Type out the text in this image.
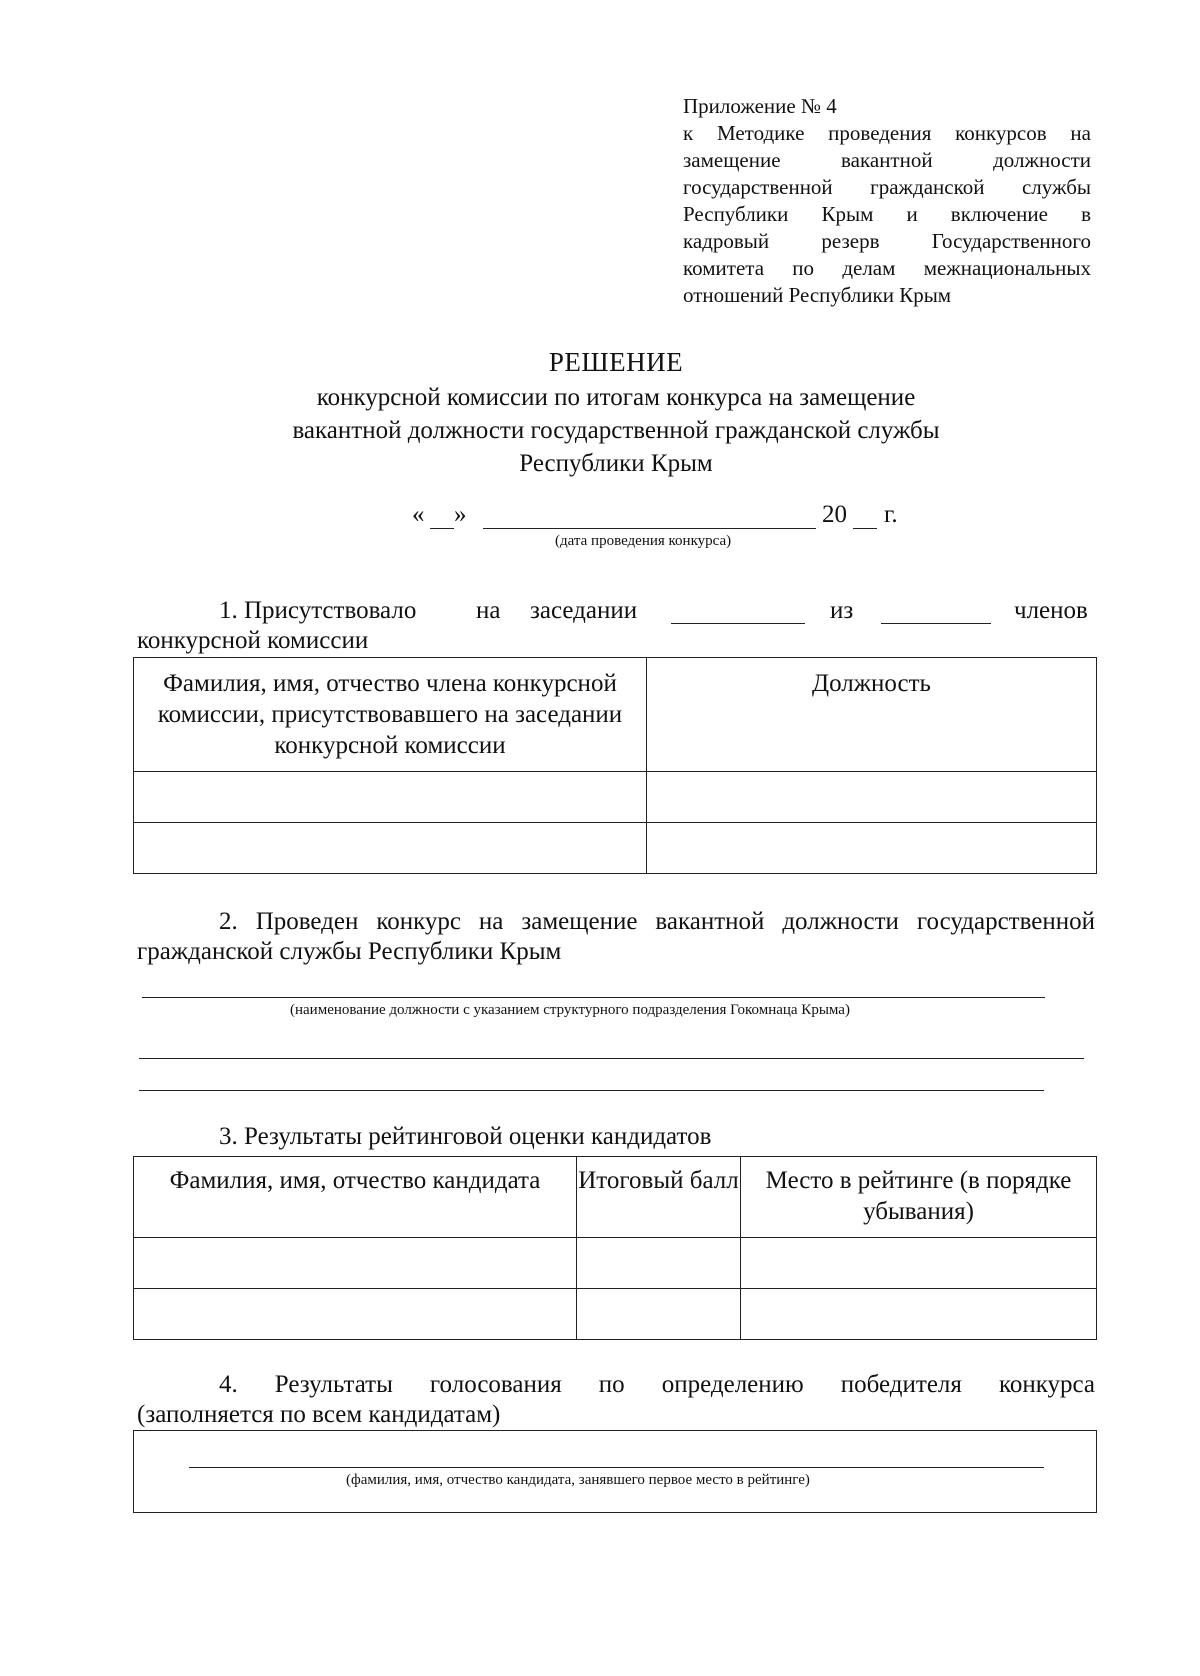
Приложение № 4
к Методике проведения конкурсов на
замещение вакантной должности
государственной гражданской службы
Республики Крым и включение в
кадровый резерв Государственного
комитета по делам межнациональных
отношений Республики Крым
РЕШЕНИЕ
конкурсной комиссии по итогам конкурса на замещение
вакантной должности государственной гражданской службы
Республики Крым
« »	20 г.
(дата проведения конкурса)
1. Присутствовало на заседании	из	членов
конкурсной комиссии
Фамилия, имя, отчество члена конкурсной комиссии, присутствовавшего на заседании конкурсной комиссии	Должность

2. Проведен конкурс на замещение вакантной должности государственной
гражданской службы Республики Крым
(наименование должности с указанием структурного подразделения Гокомнаца Крыма)
3. Результаты рейтинговой оценки кандидатов
Фамилия, имя, отчество кандидата	Итоговый балл	Место в рейтинге (в порядке убывания)

4. Результаты голосования по определению победителя конкурса
(заполняется по всем кандидатам)
(фамилия, имя, отчество кандидата, занявшего первое место в рейтинге)
